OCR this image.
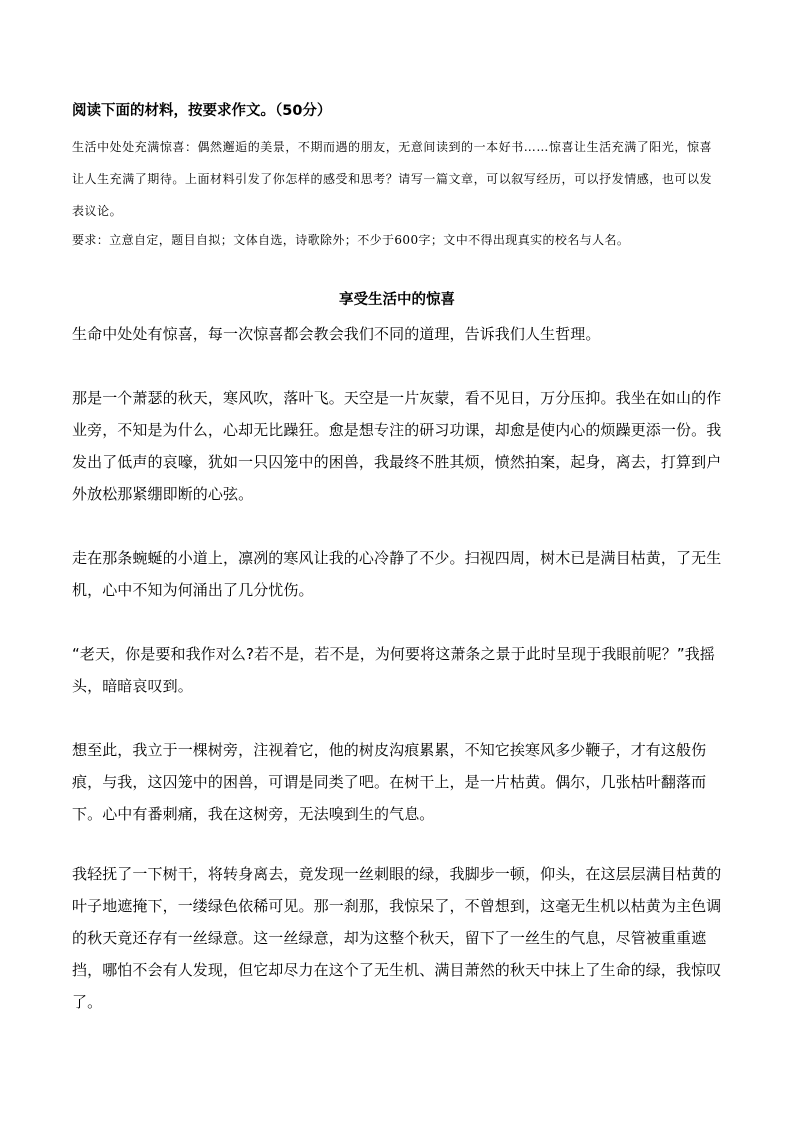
阅读下面的材料，按要求作文。（50分）
生活中处处充满惊喜：偶然邂逅的美景，不期而遇的朋友，无意间读到的一本好书……惊喜让生活充满了阳光，惊喜让人生充满了期待。上面材料引发了你怎样的感受和思考？请写一篇文章，可以叙写经历，可以抒发情感，也可以发表议论。
要求：立意自定，题目自拟；文体自选，诗歌除外；不少于600字；文中不得出现真实的校名与人名。
享受生活中的惊喜
生命中处处有惊喜，每一次惊喜都会教会我们不同的道理，告诉我们人生哲理。
那是一个萧瑟的秋天，寒风吹，落叶飞。天空是一片灰蒙，看不见日，万分压抑。我坐在如山的作业旁，不知是为什么，心却无比躁狂。愈是想专注的研习功课，却愈是使内心的烦躁更添一份。我发出了低声的哀嚎，犹如一只囚笼中的困兽，我最终不胜其烦，愤然拍案，起身，离去，打算到户外放松那紧绷即断的心弦。
走在那条蜿蜒的小道上，凛冽的寒风让我的心冷静了不少。扫视四周，树木已是满目枯黄，了无生机，心中不知为何涌出了几分忧伤。
“老天，你是要和我作对么?若不是，若不是，为何要将这萧条之景于此时呈现于我眼前呢？”我摇头，暗暗哀叹到。
想至此，我立于一棵树旁，注视着它，他的树皮沟痕累累，不知它挨寒风多少鞭子，才有这般伤痕，与我，这囚笼中的困兽，可谓是同类了吧。在树干上，是一片枯黄。偶尔，几张枯叶翻落而下。心中有番刺痛，我在这树旁，无法嗅到生的气息。
我轻抚了一下树干，将转身离去，竟发现一丝刺眼的绿，我脚步一顿，仰头，在这层层满目枯黄的叶子地遮掩下，一缕绿色依稀可见。那一刹那，我惊呆了，不曾想到，这毫无生机以枯黄为主色调的秋天竟还存有一丝绿意。这一丝绿意，却为这整个秋天，留下了一丝生的气息，尽管被重重遮挡，哪怕不会有人发现，但它却尽力在这个了无生机、满目萧然的秋天中抹上了生命的绿，我惊叹了。
